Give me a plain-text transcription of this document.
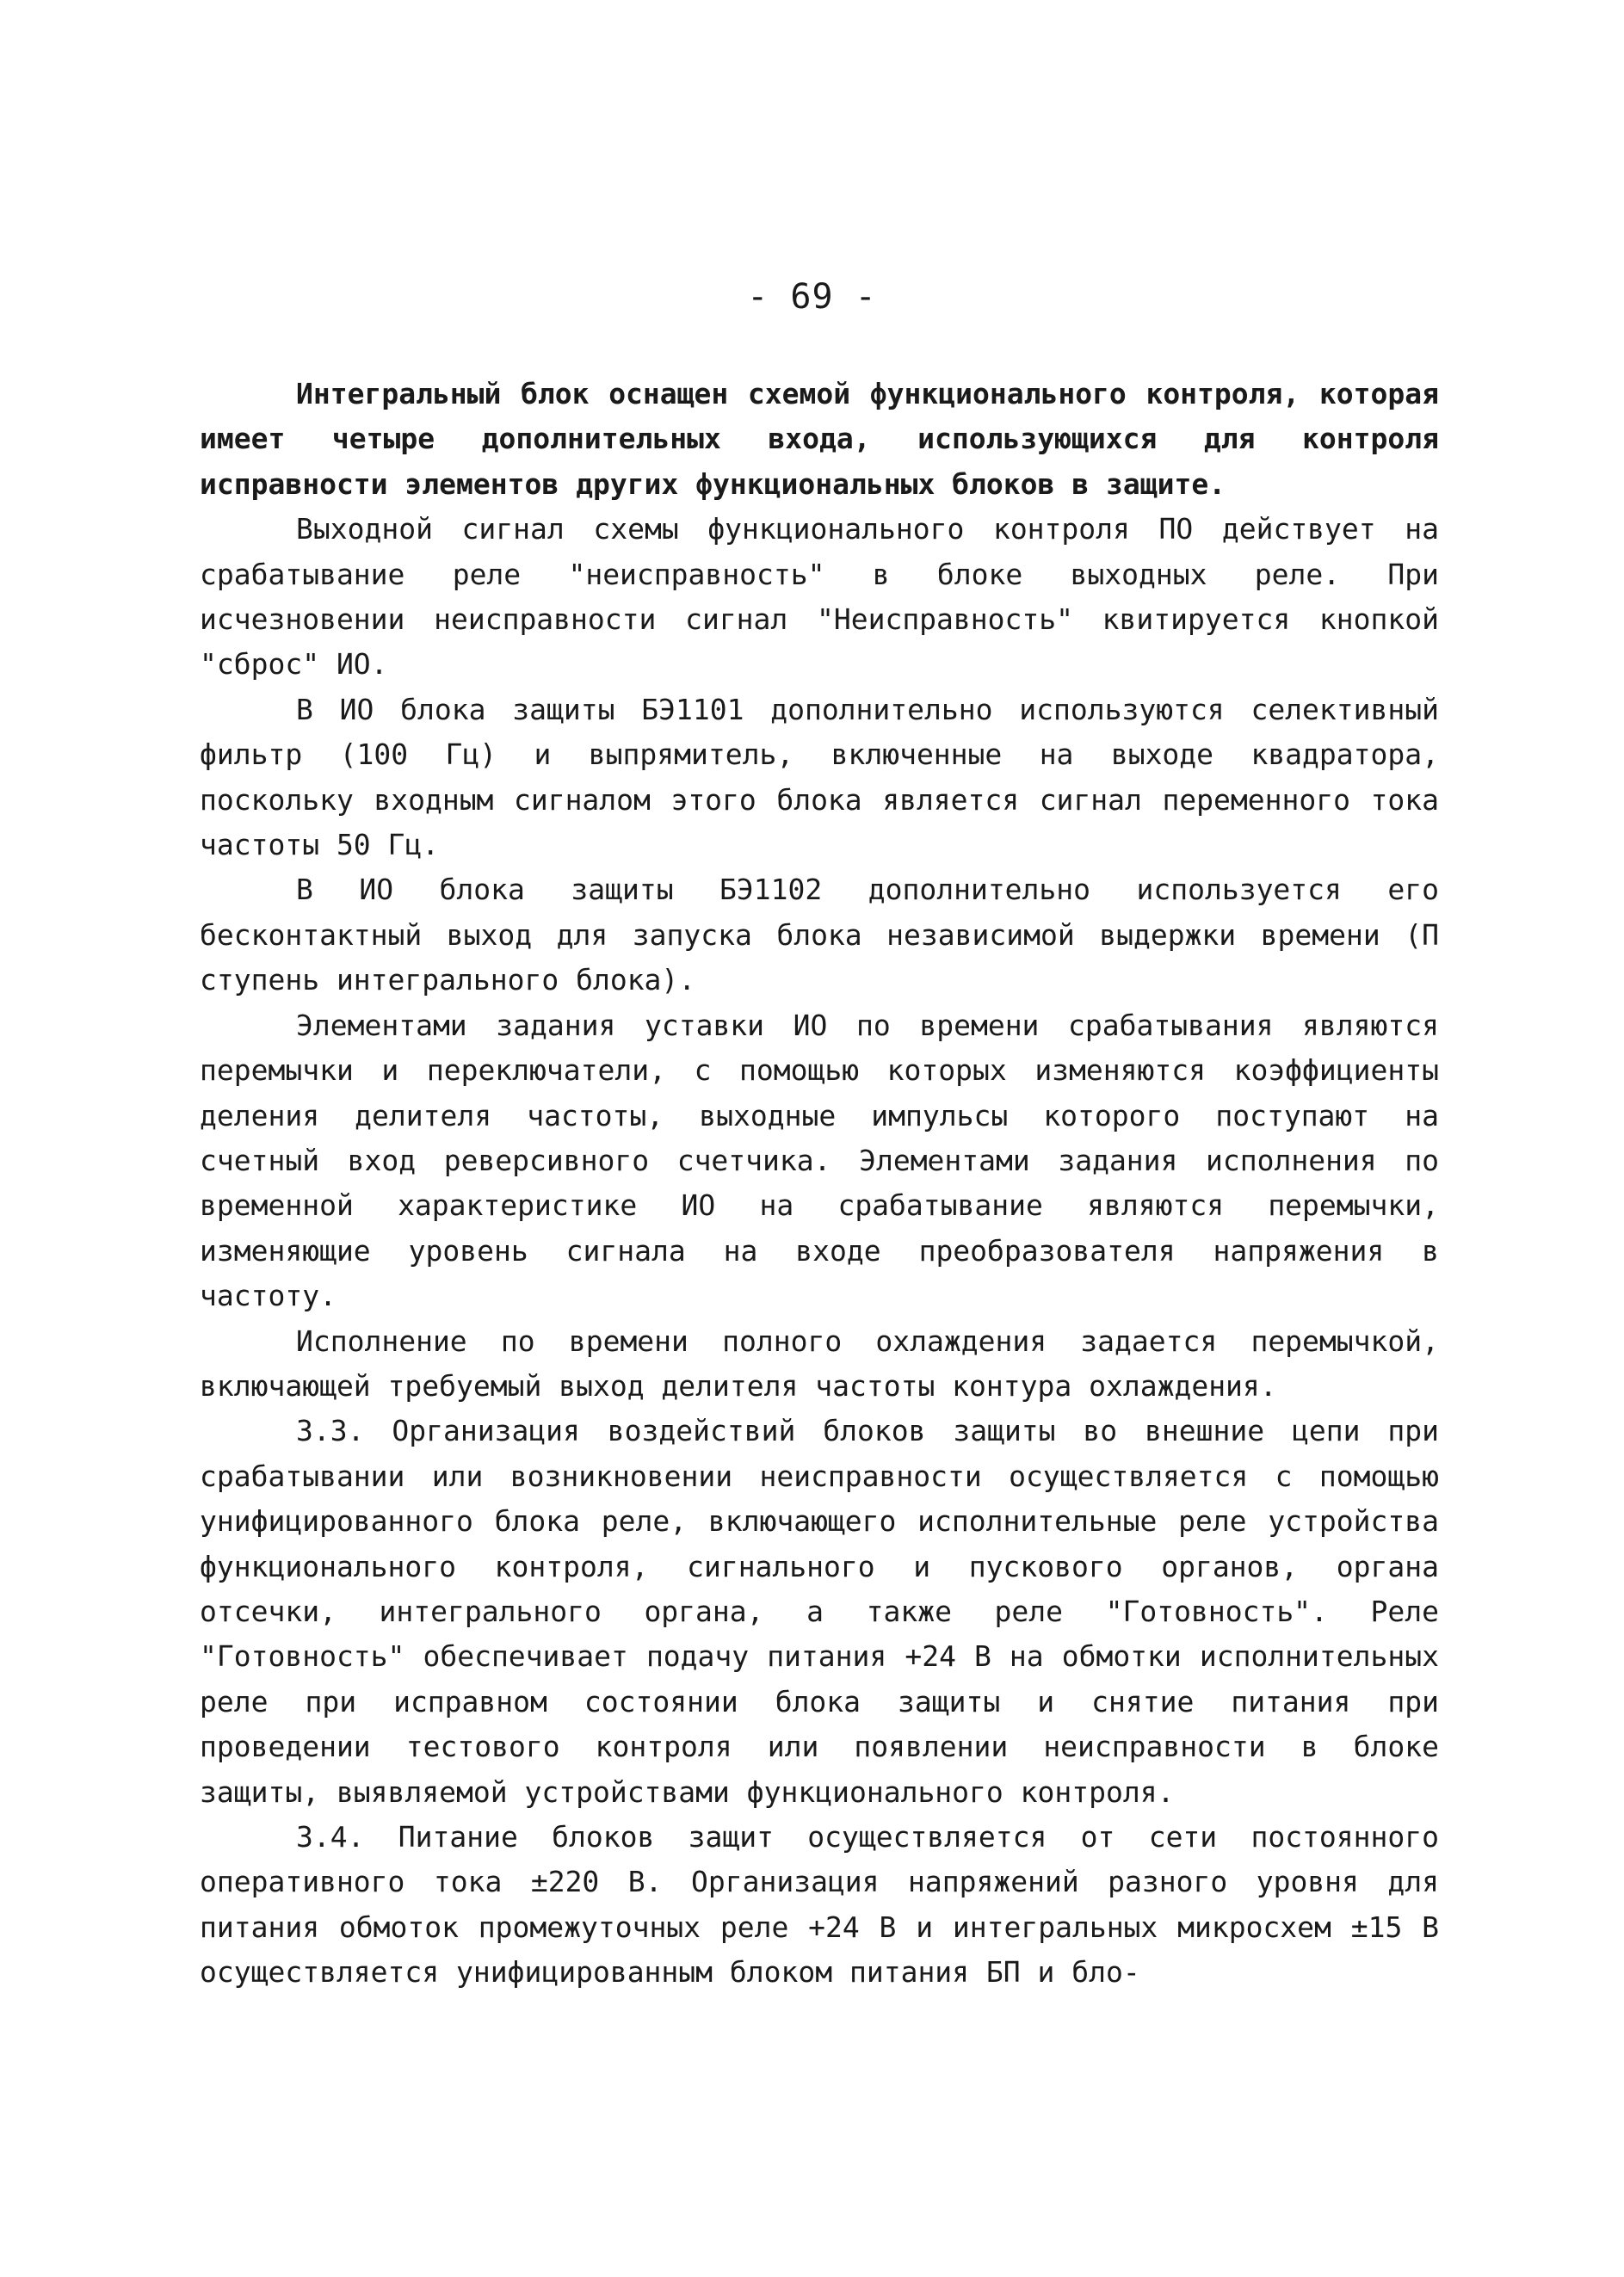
- 69 -

Интегральный блок оснащен схемой функционального контроля, которая имеет четыре дополнительных входа, использующихся для контроля исправности элементов других функциональных блоков в защите.

Выходной сигнал схемы функционального контроля ПО действует на срабатывание реле "неисправность" в блоке выходных реле. При исчезновении неисправности сигнал "Неисправность" квитируется кнопкой "сброс" ИО.

В ИО блока защиты БЭ1101 дополнительно используются селективный фильтр (100 Гц) и выпрямитель, включенные на выходе квадратора, поскольку входным сигналом этого блока является сигнал переменного тока частоты 50 Гц.

В ИО блока защиты БЭ1102 дополнительно используется его бесконтактный выход для запуска блока независимой выдержки времени (П ступень интегрального блока).

Элементами задания уставки ИО по времени срабатывания являются перемычки и переключатели, с помощью которых изменяются коэффициенты деления делителя частоты, выходные импульсы которого поступают на счетный вход реверсивного счетчика. Элементами задания исполнения по временной характеристике ИО на срабатывание являются перемычки, изменяющие уровень сигнала на входе преобразователя напряжения в частоту.

Исполнение по времени полного охлаждения задается перемычкой, включающей требуемый выход делителя частоты контура охлаждения.

3.3. Организация воздействий блоков защиты во внешние цепи при срабатывании или возникновении неисправности осуществляется с помощью унифицированного блока реле, включающего исполнительные реле устройства функционального контроля, сигнального и пускового органов, органа отсечки, интегрального органа, а также реле "Готовность". Реле "Готовность" обеспечивает подачу питания +24 В на обмотки исполнительных реле при исправном состоянии блока защиты и снятие питания при проведении тестового контроля или появлении неисправности в блоке защиты, выявляемой устройствами функционального контроля.

3.4. Питание блоков защит осуществляется от сети постоянного оперативного тока ±220 В. Организация напряжений разного уровня для питания обмоток промежуточных реле +24 В и интегральных микросхем ±15 В осуществляется унифицированным блоком питания БП и бло-
